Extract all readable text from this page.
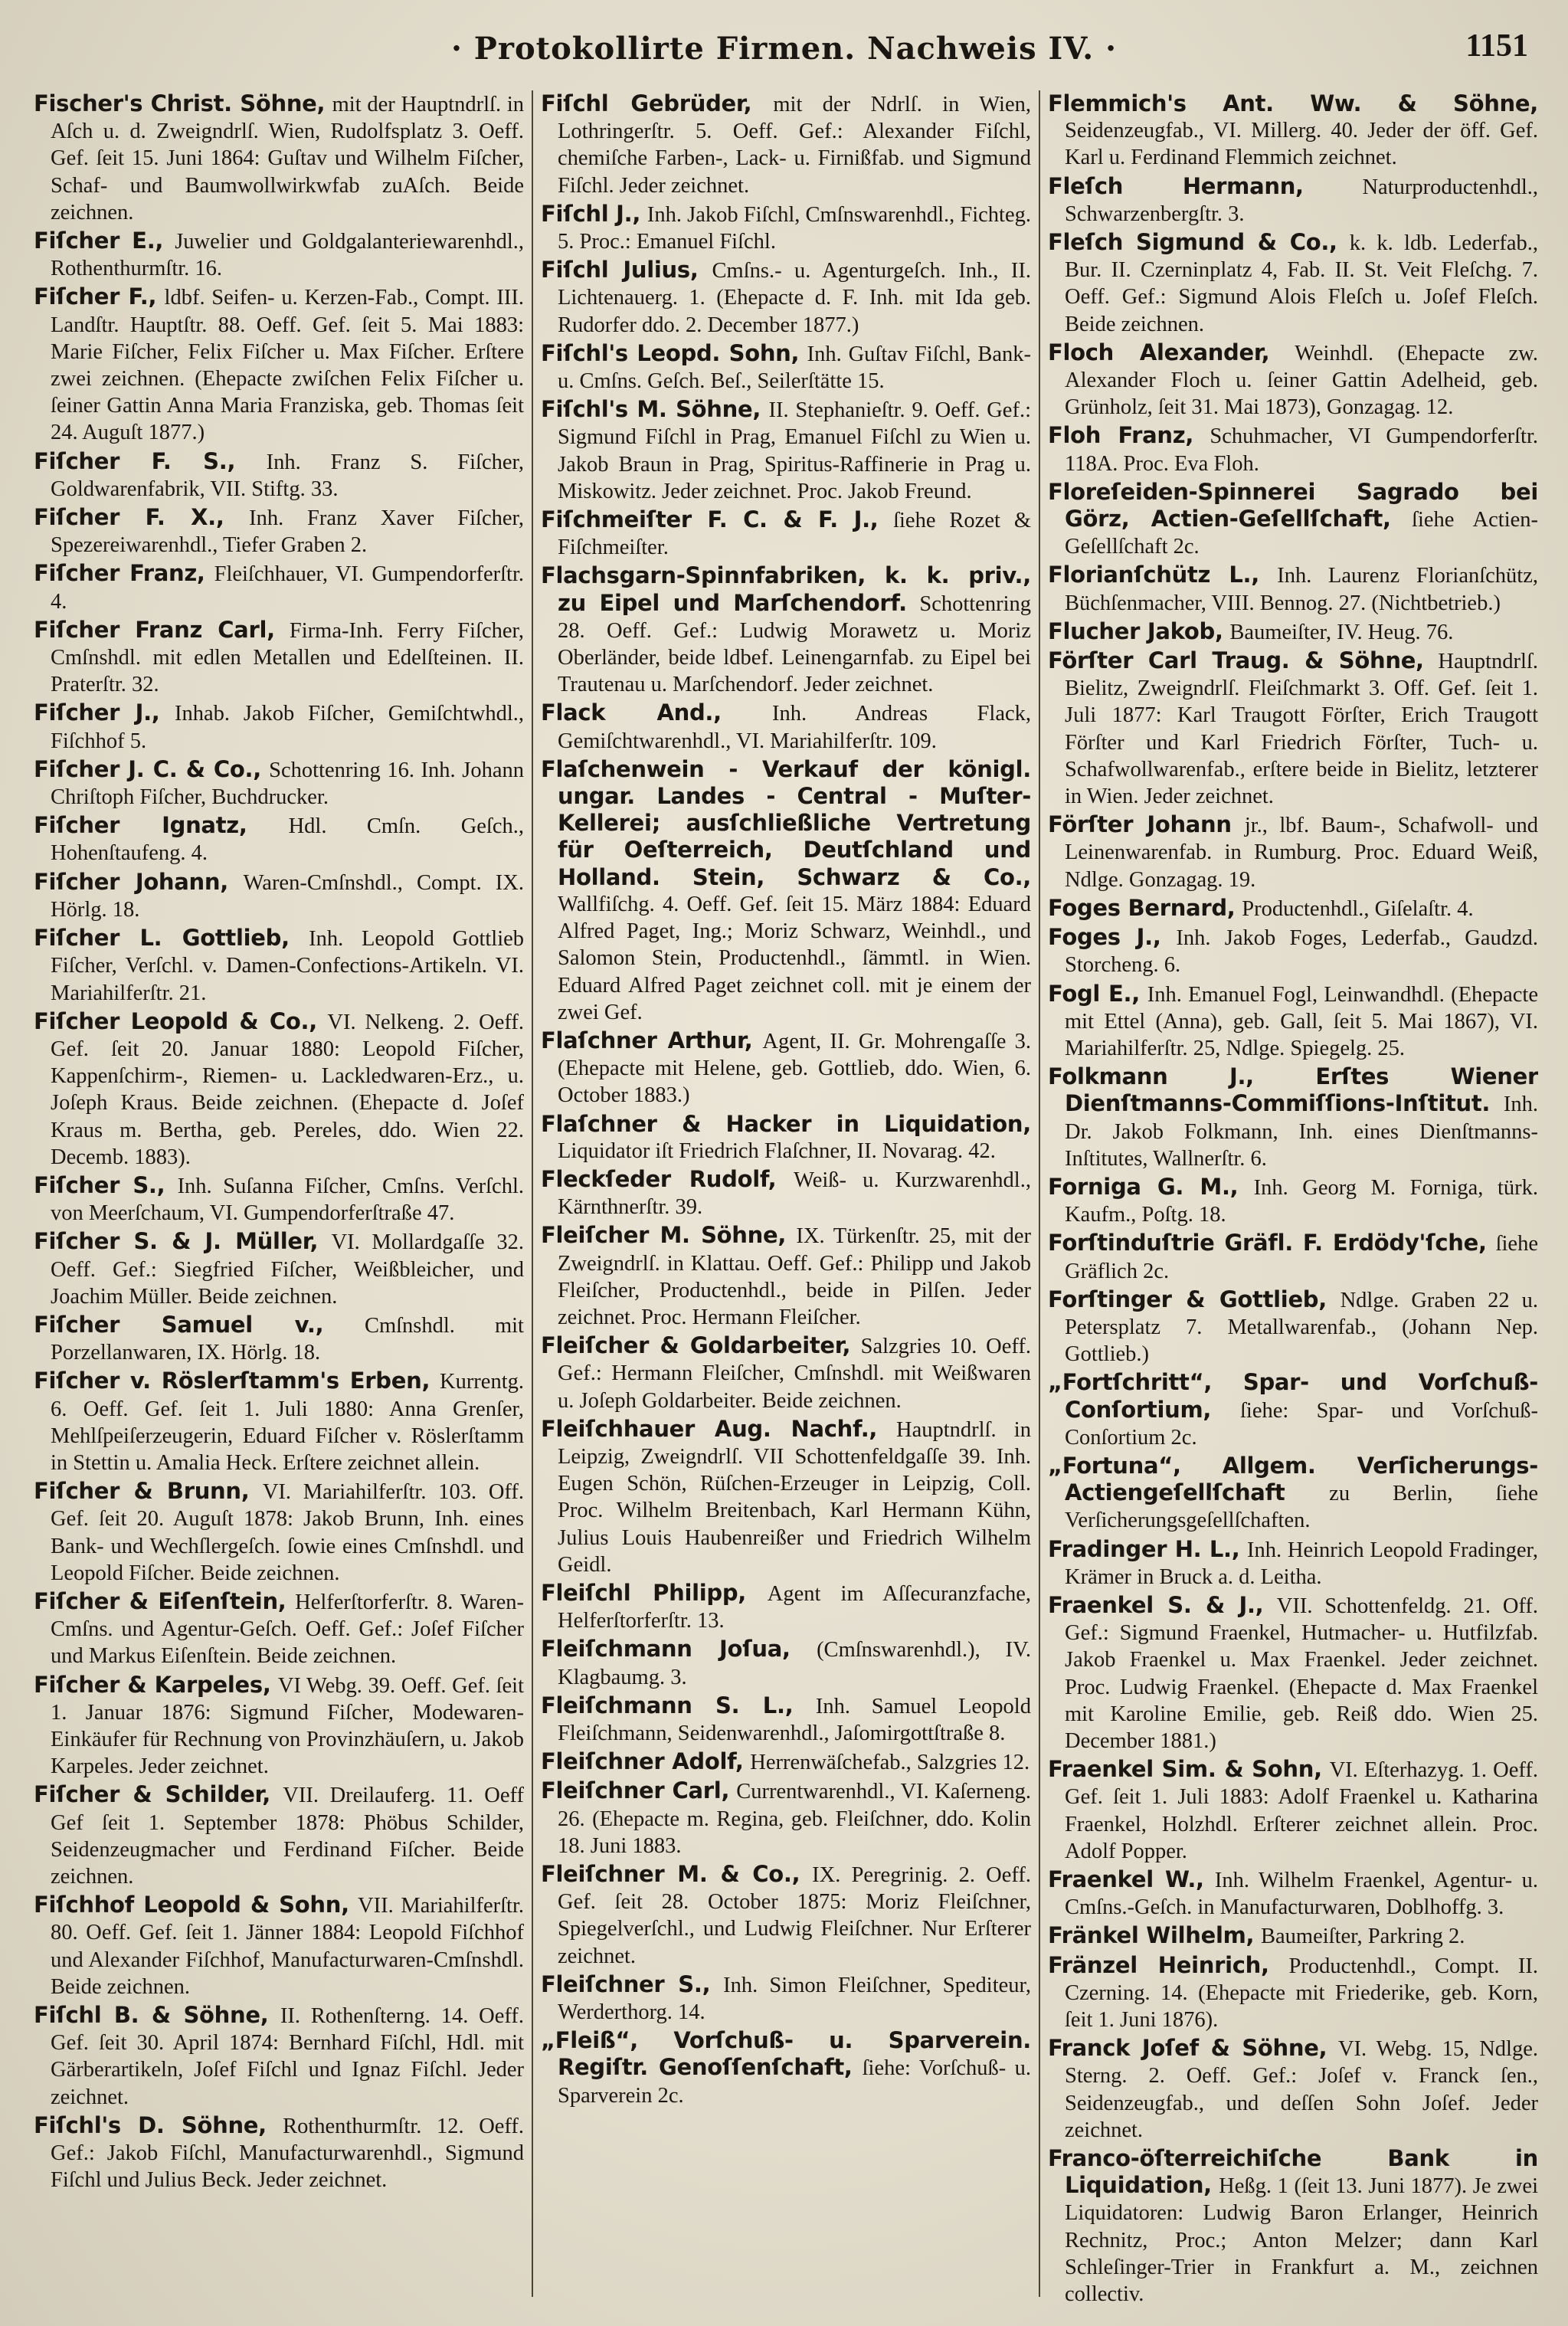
· Protokollirte Firmen. Nachweis IV. ·	1151

Fischer's Christ. Söhne, mit der Hauptndrlſ. in Aſch u. d. Zweigndrlſ. Wien, Rudolfsplatz 3. Oeff. Gef. ſeit 15. Juni 1864: Guſtav und Wilhelm Fiſcher, Schaf- und Baumwollwirkwfab zuAſch. Beide zeichnen.

Fiſcher E., Juwelier und Goldgalanteriewarenhdl., Rothenthurmſtr. 16.

Fiſcher F., ldbf. Seifen- u. Kerzen-Fab., Compt. III. Landſtr. Hauptſtr. 88. Oeff. Gef. ſeit 5. Mai 1883: Marie Fiſcher, Felix Fiſcher u. Max Fiſcher. Erſtere zwei zeichnen. (Ehepacte zwiſchen Felix Fiſcher u. ſeiner Gattin Anna Maria Franziska, geb. Thomas ſeit 24. Auguſt 1877.)

Fiſcher F. S., Inh. Franz S. Fiſcher, Goldwarenfabrik, VII. Stiftg. 33.

Fiſcher F. X., Inh. Franz Xaver Fiſcher, Spezereiwarenhdl., Tiefer Graben 2.

Fiſcher Franz, Fleiſchhauer, VI. Gumpendorferſtr. 4.

Fiſcher Franz Carl, Firma-Inh. Ferry Fiſcher, Cmſnshdl. mit edlen Metallen und Edelſteinen. II. Praterſtr. 32.

Fiſcher J., Inhab. Jakob Fiſcher, Gemiſchtwhdl., Fiſchhof 5.

Fiſcher J. C. & Co., Schottenring 16. Inh. Johann Chriſtoph Fiſcher, Buchdrucker.

Fiſcher Ignatz, Hdl. Cmſn. Geſch., Hohenſtaufeng. 4.

Fiſcher Johann, Waren-Cmſnshdl., Compt. IX. Hörlg. 18.

Fiſcher L. Gottlieb, Inh. Leopold Gottlieb Fiſcher, Verſchl. v. Damen-Confections-Artikeln. VI. Mariahilferſtr. 21.

Fiſcher Leopold & Co., VI. Nelkeng. 2. Oeff. Gef. ſeit 20. Januar 1880: Leopold Fiſcher, Kappenſchirm-, Riemen- u. Lackledwaren-Erz., u. Joſeph Kraus. Beide zeichnen. (Ehepacte d. Joſef Kraus m. Bertha, geb. Pereles, ddo. Wien 22. Decemb. 1883).

Fiſcher S., Inh. Suſanna Fiſcher, Cmſns. Verſchl. von Meerſchaum, VI. Gumpendorferſtraße 47.

Fiſcher S. & J. Müller, VI. Mollardgaſſe 32. Oeff. Gef.: Siegfried Fiſcher, Weißbleicher, und Joachim Müller. Beide zeichnen.

Fiſcher Samuel v., Cmſnshdl. mit Porzellanwaren, IX. Hörlg. 18.

Fiſcher v. Röslerſtamm's Erben, Kurrentg. 6. Oeff. Gef. ſeit 1. Juli 1880: Anna Grenſer, Mehlſpeiſerzeugerin, Eduard Fiſcher v. Röslerſtamm in Stettin u. Amalia Heck. Erſtere zeichnet allein.

Fiſcher & Brunn, VI. Mariahilferſtr. 103. Off. Gef. ſeit 20. Auguſt 1878: Jakob Brunn, Inh. eines Bank- und Wechſlergeſch. ſowie eines Cmſnshdl. und Leopold Fiſcher. Beide zeichnen.

Fiſcher & Eiſenſtein, Helferſtorferſtr. 8. Waren-Cmſns. und Agentur-Geſch. Oeff. Gef.: Joſef Fiſcher und Markus Eiſenſtein. Beide zeichnen.

Fiſcher & Karpeles, VI Webg. 39. Oeff. Gef. ſeit 1. Januar 1876: Sigmund Fiſcher, Modewaren-Einkäufer für Rechnung von Provinzhäuſern, u. Jakob Karpeles. Jeder zeichnet.

Fiſcher & Schilder, VII. Dreilauferg. 11. Oeff Gef ſeit 1. September 1878: Phöbus Schilder, Seidenzeugmacher und Ferdinand Fiſcher. Beide zeichnen.

Fiſchhof Leopold & Sohn, VII. Mariahilferſtr. 80. Oeff. Gef. ſeit 1. Jänner 1884: Leopold Fiſchhof und Alexander Fiſchhof, Manufacturwaren-Cmſnshdl. Beide zeichnen.

Fiſchl B. & Söhne, II. Rothenſterng. 14. Oeff. Gef. ſeit 30. April 1874: Bernhard Fiſchl, Hdl. mit Gärberartikeln, Joſef Fiſchl und Ignaz Fiſchl. Jeder zeichnet.

Fiſchl's D. Söhne, Rothenthurmſtr. 12. Oeff. Gef.: Jakob Fiſchl, Manufacturwarenhdl., Sigmund Fiſchl und Julius Beck. Jeder zeichnet.

Fiſchl Gebrüder, mit der Ndrlſ. in Wien, Lothringerſtr. 5. Oeff. Gef.: Alexander Fiſchl, chemiſche Farben-, Lack- u. Firnißfab. und Sigmund Fiſchl. Jeder zeichnet.

Fiſchl J., Inh. Jakob Fiſchl, Cmſnswarenhdl., Fichteg. 5. Proc.: Emanuel Fiſchl.

Fiſchl Julius, Cmſns.- u. Agenturgeſch. Inh., II. Lichtenauerg. 1. (Ehepacte d. F. Inh. mit Ida geb. Rudorfer ddo. 2. December 1877.)

Fiſchl's Leopd. Sohn, Inh. Guſtav Fiſchl, Bank- u. Cmſns. Geſch. Beſ., Seilerſtätte 15.

Fiſchl's M. Söhne, II. Stephanieſtr. 9. Oeff. Gef.: Sigmund Fiſchl in Prag, Emanuel Fiſchl zu Wien u. Jakob Braun in Prag, Spiritus-Raffinerie in Prag u. Miskowitz. Jeder zeichnet. Proc. Jakob Freund.

Fiſchmeiſter F. C. & F. J., ſiehe Rozet & Fiſchmeiſter.

Flachsgarn-Spinnfabriken, k. k. priv., zu Eipel und Marſchendorf. Schottenring 28. Oeff. Gef.: Ludwig Morawetz u. Moriz Oberländer, beide ldbef. Leinengarnfab. zu Eipel bei Trautenau u. Marſchendorf. Jeder zeichnet.

Flack And., Inh. Andreas Flack, Gemiſchtwarenhdl., VI. Mariahilferſtr. 109.

Flaſchenwein - Verkauf der königl. ungar. Landes - Central - Muſter-Kellerei; ausſchließliche Vertretung für Oeſterreich, Deutſchland und Holland. Stein, Schwarz & Co., Wallfiſchg. 4. Oeff. Gef. ſeit 15. März 1884: Eduard Alfred Paget, Ing.; Moriz Schwarz, Weinhdl., und Salomon Stein, Productenhdl., ſämmtl. in Wien. Eduard Alfred Paget zeichnet coll. mit je einem der zwei Gef.

Flaſchner Arthur, Agent, II. Gr. Mohrengaſſe 3. (Ehepacte mit Helene, geb. Gottlieb, ddo. Wien, 6. October 1883.)

Flaſchner & Hacker in Liquidation, Liquidator iſt Friedrich Flaſchner, II. Novarag. 42.

Fleckſeder Rudolf, Weiß- u. Kurzwarenhdl., Kärnthnerſtr. 39.

Fleiſcher M. Söhne, IX. Türkenſtr. 25, mit der Zweigndrlſ. in Klattau. Oeff. Gef.: Philipp und Jakob Fleiſcher, Productenhdl., beide in Pilſen. Jeder zeichnet. Proc. Hermann Fleiſcher.

Fleiſcher & Goldarbeiter, Salzgries 10. Oeff. Gef.: Hermann Fleiſcher, Cmſnshdl. mit Weißwaren u. Joſeph Goldarbeiter. Beide zeichnen.

Fleiſchhauer Aug. Nachf., Hauptndrlſ. in Leipzig, Zweigndrlſ. VII Schottenfeldgaſſe 39. Inh. Eugen Schön, Rüſchen-Erzeuger in Leipzig, Coll. Proc. Wilhelm Breitenbach, Karl Hermann Kühn, Julius Louis Haubenreißer und Friedrich Wilhelm Geidl.

Fleiſchl Philipp, Agent im Aſſecuranzfache, Helferſtorferſtr. 13.

Fleiſchmann Joſua, (Cmſnswarenhdl.), IV. Klagbaumg. 3.

Fleiſchmann S. L., Inh. Samuel Leopold Fleiſchmann, Seidenwarenhdl., Jaſomirgottſtraße 8.

Fleiſchner Adolf, Herrenwäſchefab., Salzgries 12.

Fleiſchner Carl, Currentwarenhdl., VI. Kaſerneng. 26. (Ehepacte m. Regina, geb. Fleiſchner, ddo. Kolin 18. Juni 1883.

Fleiſchner M. & Co., IX. Peregrinig. 2. Oeff. Gef. ſeit 28. October 1875: Moriz Fleiſchner, Spiegelverſchl., und Ludwig Fleiſchner. Nur Erſterer zeichnet.

Fleiſchner S., Inh. Simon Fleiſchner, Spediteur, Werderthorg. 14.

„Fleiß“, Vorſchuß- u. Sparverein. Regiſtr. Genoſſenſchaft, ſiehe: Vorſchuß- u. Sparverein 2c.

Flemmich's Ant. Ww. & Söhne, Seidenzeugfab., VI. Millerg. 40. Jeder der öff. Gef. Karl u. Ferdinand Flemmich zeichnet.

Fleſch Hermann,	Naturproductenhdl., Schwarzenbergſtr. 3.

Fleſch Sigmund & Co., k. k. ldb. Lederfab., Bur. II. Czerninplatz 4, Fab. II. St. Veit Fleſchg. 7. Oeff. Gef.: Sigmund Alois Fleſch u. Joſef Fleſch. Beide zeichnen.

Floch Alexander, Weinhdl. (Ehepacte zw. Alexander Floch u. ſeiner Gattin Adelheid, geb. Grünholz, ſeit 31. Mai 1873), Gonzagag. 12.

Floh Franz, Schuhmacher, VI Gumpendorferſtr. 118A. Proc. Eva Floh.

Floreſeiden-Spinnerei Sagrado bei Görz, Actien-Geſellſchaft, ſiehe Actien-Geſellſchaft 2c.

Florianſchütz L., Inh. Laurenz Florianſchütz, Büchſenmacher, VIII. Bennog. 27. (Nichtbetrieb.)

Flucher Jakob, Baumeiſter, IV. Heug. 76.

Förſter Carl Traug. & Söhne, Hauptndrlſ. Bielitz, Zweigndrlſ. Fleiſchmarkt 3. Off. Gef. ſeit 1. Juli 1877: Karl Traugott Förſter, Erich Traugott Förſter und Karl Friedrich Förſter, Tuch- u. Schafwollwarenfab., erſtere beide in Bielitz, letzterer in Wien. Jeder zeichnet.

Förſter Johann jr., lbf. Baum-, Schafwoll- und Leinenwarenfab. in Rumburg. Proc. Eduard Weiß, Ndlge. Gonzagag. 19.

Foges Bernard, Productenhdl., Giſelaſtr. 4.

Foges J., Inh. Jakob Foges, Lederfab., Gaudzd. Storcheng. 6.

Fogl E., Inh. Emanuel Fogl, Leinwandhdl. (Ehepacte mit Ettel (Anna), geb. Gall, ſeit 5. Mai 1867), VI. Mariahilferſtr. 25, Ndlge. Spiegelg. 25.

Folkmann J., Erſtes Wiener Dienſtmanns-Commiſſions-Inſtitut. Inh. Dr. Jakob Folkmann, Inh. eines Dienſtmanns-Inſtitutes, Wallnerſtr. 6.

Forniga G. M., Inh. Georg M. Forniga, türk. Kaufm., Poſtg. 18.

Forſtinduſtrie Gräfl. F. Erdödy'ſche, ſiehe Gräflich 2c.

Forſtinger & Gottlieb, Ndlge. Graben 22 u. Petersplatz 7. Metallwarenfab., (Johann Nep. Gottlieb.)

„Fortſchritt“, Spar- und Vorſchuß-Conſortium, ſiehe: Spar- und Vorſchuß-Conſortium 2c.

„Fortuna“, Allgem. Verſicherungs-Actiengeſellſchaft zu Berlin, ſiehe Verſicherungsgeſellſchaften.

Fradinger H. L., Inh. Heinrich Leopold Fradinger, Krämer in Bruck a. d. Leitha.

Fraenkel S. & J., VII. Schottenfeldg. 21. Off. Gef.: Sigmund Fraenkel, Hutmacher- u. Hutfilzfab. Jakob Fraenkel u. Max Fraenkel. Jeder zeichnet. Proc. Ludwig Fraenkel. (Ehepacte d. Max Fraenkel mit Karoline Emilie, geb. Reiß ddo. Wien 25. December 1881.)

Fraenkel Sim. & Sohn, VI. Eſterhazyg. 1. Oeff. Gef. ſeit 1. Juli 1883: Adolf Fraenkel u. Katharina Fraenkel, Holzhdl. Erſterer zeichnet allein. Proc. Adolf Popper.

Fraenkel W., Inh. Wilhelm Fraenkel, Agentur- u. Cmſns.-Geſch. in Manufacturwaren, Doblhoffg. 3.

Fränkel Wilhelm, Baumeiſter, Parkring 2.

Fränzel Heinrich, Productenhdl., Compt. II. Czerning. 14. (Ehepacte mit Friederike, geb. Korn, ſeit 1. Juni 1876).

Franck Joſef & Söhne, VI. Webg. 15, Ndlge. Sterng. 2. Oeff. Gef.: Joſef v. Franck ſen., Seidenzeugfab., und deſſen Sohn Joſef. Jeder zeichnet.

Franco-öſterreichiſche Bank in Liquidation, Heßg. 1 (ſeit 13. Juni 1877). Je zwei Liquidatoren: Ludwig Baron Erlanger, Heinrich Rechnitz, Proc.; Anton Melzer; dann Karl Schleſinger-Trier in Frankfurt a. M., zeichnen collectiv.
